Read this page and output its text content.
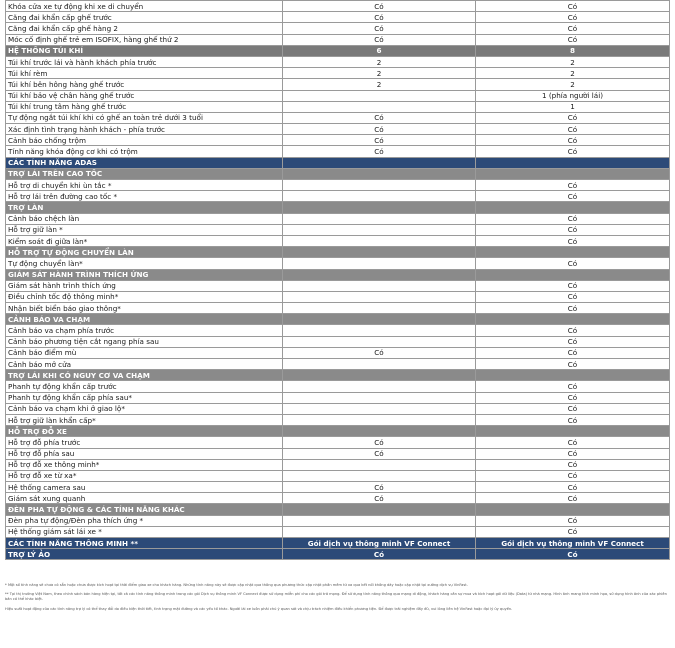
Khóa cửa xe tự động khi xe di chuyển	Có	Có
Căng đai khẩn cấp ghế trước	Có	Có
Căng đai khẩn cấp ghế hàng 2	Có	Có
Móc cố định ghế trẻ em ISOFIX, hàng ghế thứ 2	Có	Có
HỆ THỐNG TÚI KHÍ	6	8
Túi khí trước lái và hành khách phía trước	2	2
Túi khí rèm	2	2
Túi khí bên hông hàng ghế trước	2	2
Túi khí bảo vệ chân hàng ghế trước		1 (phía người lái)
Túi khí trung tâm hàng ghế trước		1
Tự động ngắt túi khí khi có ghế an toàn trẻ dưới 3 tuổi	Có	Có
Xác định tình trạng hành khách - phía trước	Có	Có
Cảnh báo chống trộm	Có	Có
Tính năng khóa động cơ khi có trộm	Có	Có
CÁC TÍNH NĂNG ADAS		
TRỢ LÁI TRÊN CAO TỐC		
Hỗ trợ di chuyển khi ùn tắc *		Có
Hỗ trợ lái trên đường cao tốc *		Có
TRỢ LÀN		
Cảnh báo chệch làn		Có
Hỗ trợ giữ làn *		Có
Kiểm soát đi giữa làn*		Có
HỖ TRỢ TỰ ĐỘNG CHUYỂN LÀN		
Tự động chuyển làn*		Có
GIÁM SÁT HÀNH TRÌNH THÍCH ỨNG		
Giám sát hành trình thích ứng		Có
Điều chỉnh tốc độ thông minh*		Có
Nhận biết biển báo giao thông*		Có
CẢNH BÁO VA CHẠM		
Cảnh báo va chạm phía trước		Có
Cảnh báo phương tiện cắt ngang phía sau		Có
Cảnh báo điểm mù	Có	Có
Cảnh báo mở cửa		Có
TRỢ LÁI KHI CÓ NGUY CƠ VA CHẠM		
Phanh tự động khẩn cấp trước		Có
Phanh tự động khẩn cấp phía sau*		Có
Cảnh báo va chạm khi ở giao lộ*		Có
Hỗ trợ giữ làn khẩn cấp*		Có
HỖ TRỢ ĐỖ XE		
Hỗ trợ đỗ phía trước	Có	Có
Hỗ trợ đỗ phía sau	Có	Có
Hỗ trợ đỗ xe thông minh*		Có
Hỗ trợ đỗ xe từ xa*		Có
Hệ thống camera sau	Có	Có
Giám sát xung quanh	Có	Có
ĐÈN PHA TỰ ĐỘNG & CÁC TÍNH NĂNG KHÁC		
Đèn pha tự động/Đèn pha thích ứng *		Có
Hệ thống giám sát lái xe *		Có
CÁC TÍNH NĂNG THÔNG MINH **	Gói dịch vụ thông minh VF Connect	Gói dịch vụ thông minh VF Connect
TRỢ LÝ ẢO	Có	Có

* Một số tính năng sẽ chưa có sẵn hoặc chưa được kích hoạt tại thời điểm giao xe cho khách hàng. Những tính năng này sẽ được cập nhật qua thông qua phương thức cập nhật phần mềm từ xa qua kết nối không dây hoặc cập nhật tại xưởng dịch vụ VinFast.

** Tại thị trường Việt Nam, theo chính sách bán hàng hiện tại, tất cả các tính năng thông minh trong các gói Dịch vụ thông minh VF Connect được sử dụng miễn phí cho các gói trả mọng. Để sử dụng tính năng thông qua mạng di động, khách hàng cần sự mua và kích hoạt gói dữ liệu (Data) từ nhà mạng. Hình ảnh mang tính minh họa, sử dụng hình ảnh của xác phiên bản có thể khác biệt.

Hiệu suất hoạt động của các tính năng trợ lý có thể thay đổi do điều kiện thời tiết, tình trạng mặt đường và các yếu tố khác. Người lái xe luôn phải chú ý quan sát và chịu trách nhiệm điều khiển phương tiện. Để được trải nghiệm đầy đủ, vui lòng liên hệ VinFast hoặc đại lý ủy quyền.
